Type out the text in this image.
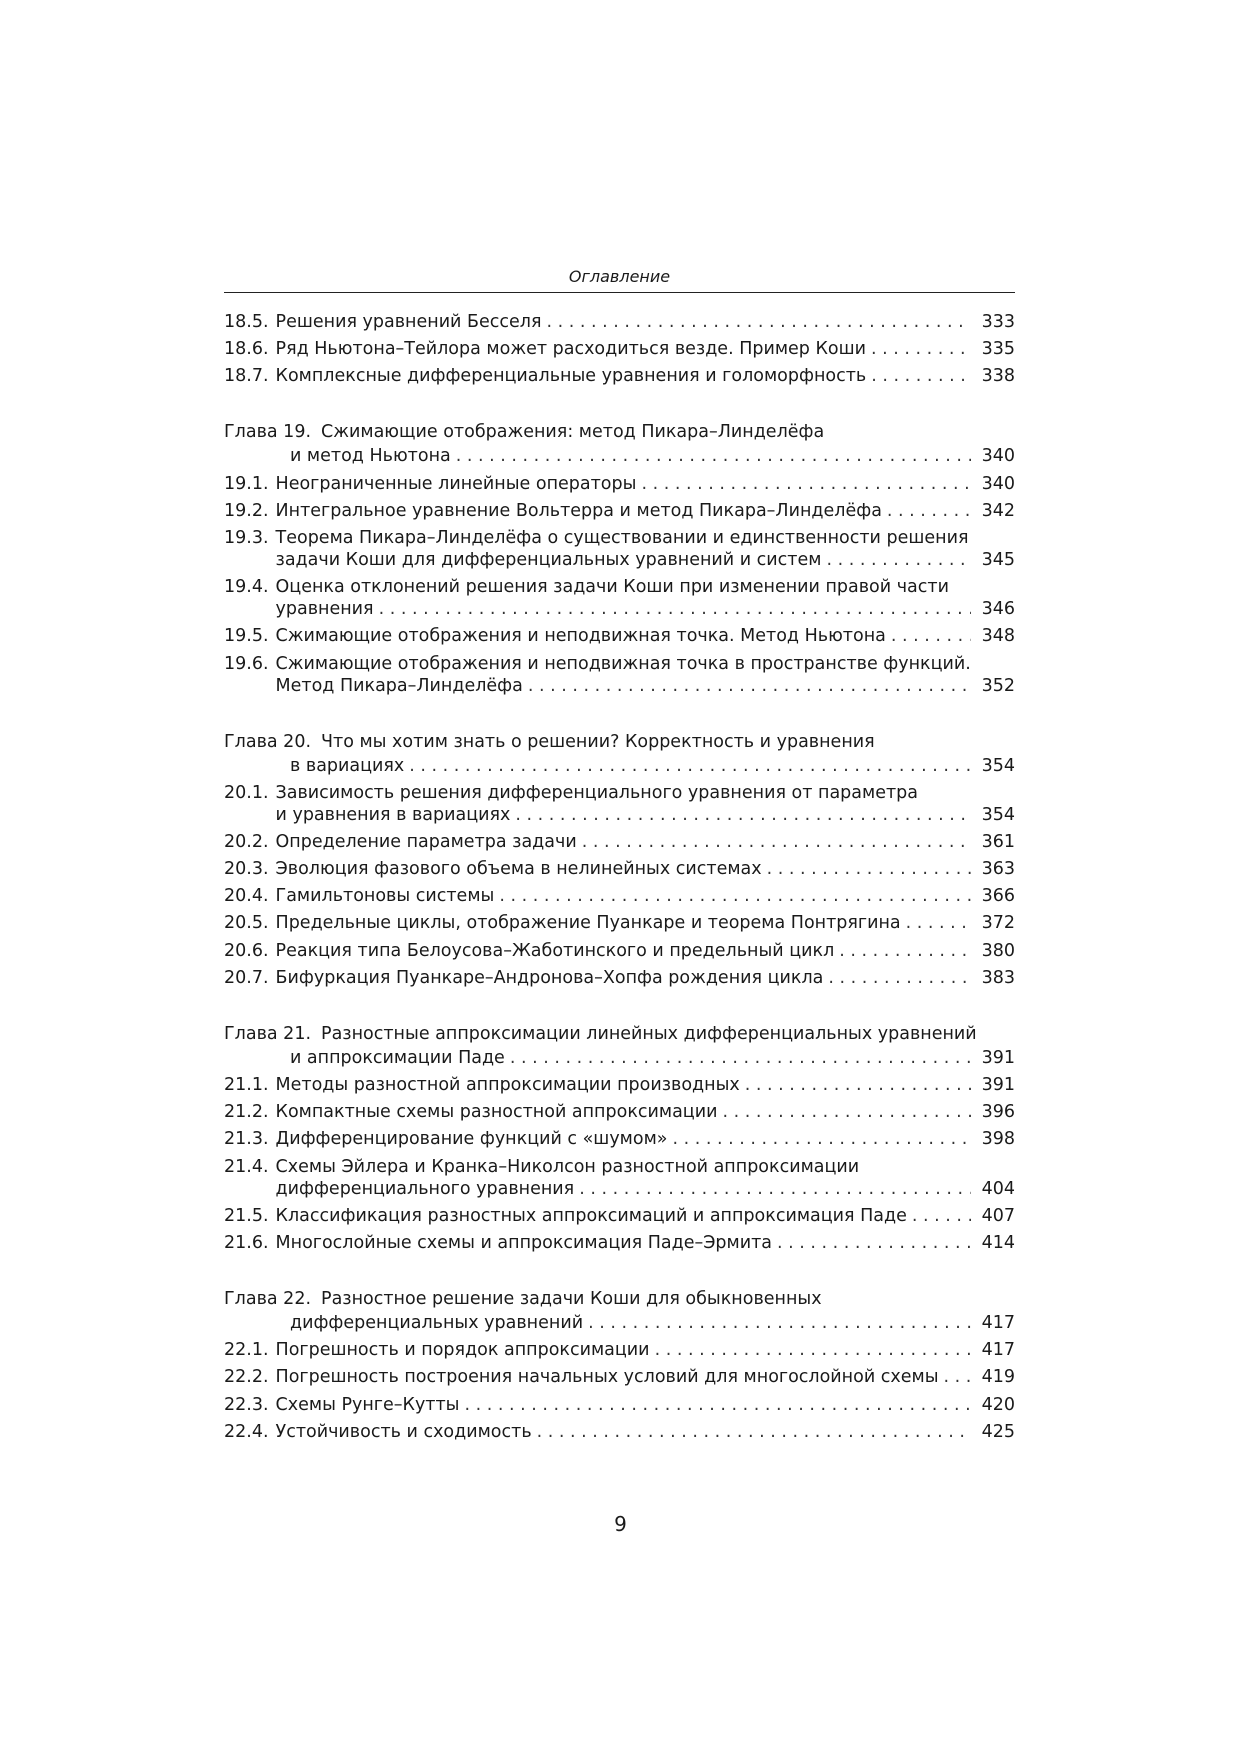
Оглавление
18.5. Решения уравнений Бесселя . . .	333
18.6. Ряд Ньютона–Тейлора может расходиться везде. Пример Коши . . .	335
18.7. Комплексные дифференциальные уравнения и голоморфность . . .	338
Глава 19. Сжимающие отображения: метод Пикара–Линделёфа
и метод Ньютона . . .	340
19.1. Неограниченные линейные операторы . . .	340
19.2. Интегральное уравнение Вольтерра и метод Пикара–Линделёфа . . .	342
19.3. Теорема Пикара–Линделёфа о существовании и единственности решения
задачи Коши для дифференциальных уравнений и систем . . .	345
19.4. Оценка отклонений решения задачи Коши при изменении правой части
уравнения . . .	346
19.5. Сжимающие отображения и неподвижная точка. Метод Ньютона . . .	348
19.6. Сжимающие отображения и неподвижная точка в пространстве функций.
Метод Пикара–Линделёфа . . .	352
Глава 20. Что мы хотим знать о решении? Корректность и уравнения
в вариациях . . .	354
20.1. Зависимость решения дифференциального уравнения от параметра
и уравнения в вариациях . . .	354
20.2. Определение параметра задачи . . .	361
20.3. Эволюция фазового объема в нелинейных системах . . .	363
20.4. Гамильтоновы системы . . .	366
20.5. Предельные циклы, отображение Пуанкаре и теорема Понтрягина . . .	372
20.6. Реакция типа Белоусова–Жаботинского и предельный цикл . . .	380
20.7. Бифуркация Пуанкаре–Андронова–Хопфа рождения цикла . . .	383
Глава 21. Разностные аппроксимации линейных дифференциальных уравнений
и аппроксимации Паде . . .	391
21.1. Методы разностной аппроксимации производных . . .	391
21.2. Компактные схемы разностной аппроксимации . . .	396
21.3. Дифференцирование функций с «шумом» . . .	398
21.4. Схемы Эйлера и Кранка–Николсон разностной аппроксимации
дифференциального уравнения . . .	404
21.5. Классификация разностных аппроксимаций и аппроксимация Паде . . .	407
21.6. Многослойные схемы и аппроксимация Паде–Эрмита . . .	414
Глава 22. Разностное решение задачи Коши для обыкновенных
дифференциальных уравнений . . .	417
22.1. Погрешность и порядок аппроксимации . . .	417
22.2. Погрешность построения начальных условий для многослойной схемы . . . 419
22.3. Схемы Рунге–Кутты . . .	420
22.4. Устойчивость и сходимость . . .	425
9
